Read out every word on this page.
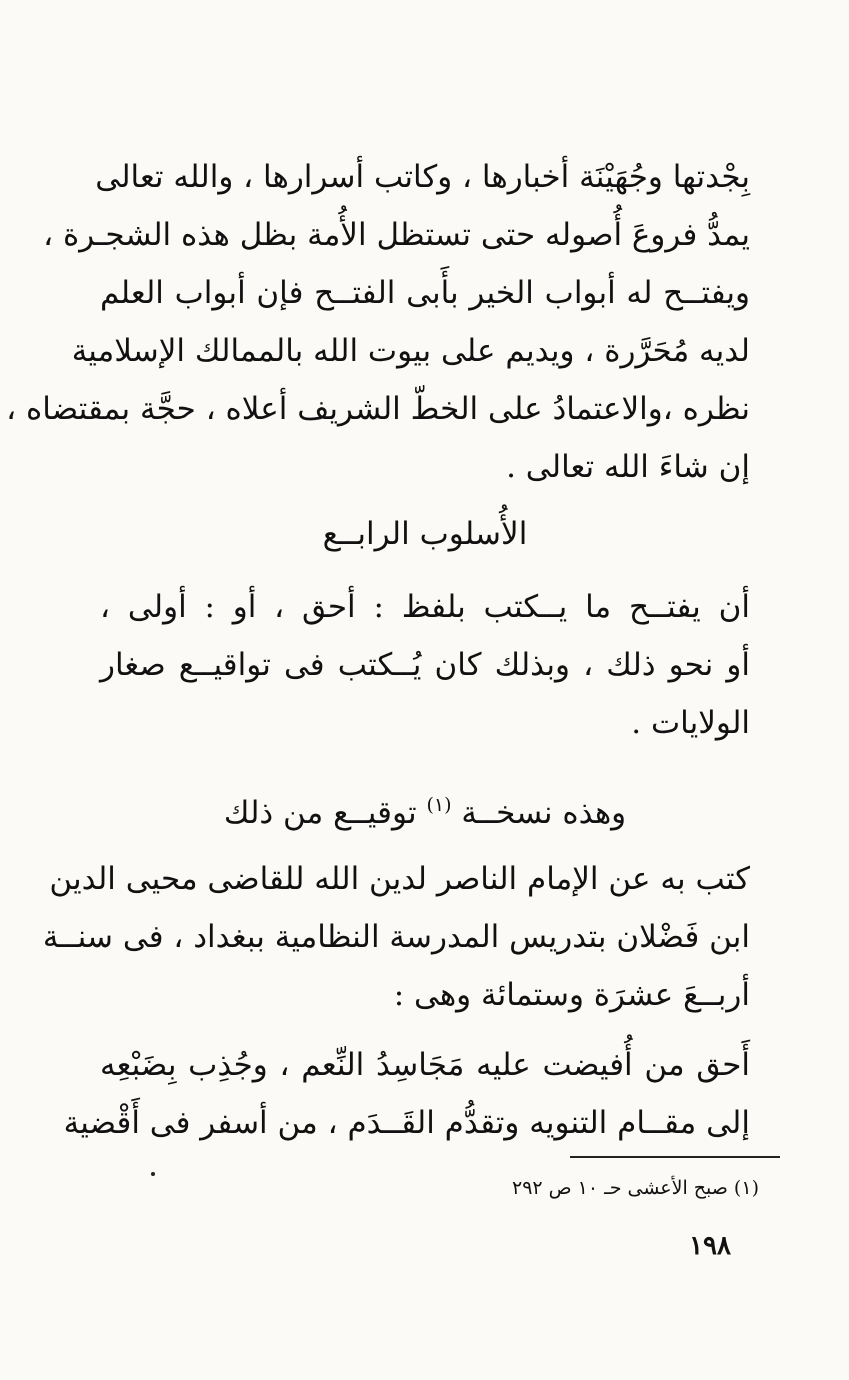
بِجْدتها وجُهَيْنَة أخبارها ، وكاتب أسرارها ، والله تعالى
يمدُّ فروعَ أُصوله حتى تستظل الأُمة بظل هذه الشجـرة ،
ويفتــح له أبواب الخير بأَبى الفتــح فإن أبواب العلم
لديه مُحَرَّرة ، ويديم على بيوت الله بالممالك الإسلامية
نظره ،والاعتمادُ على الخطّ الشريف أعلاه ، حجَّة بمقتضاه ،
إن شاءَ الله تعالى .
الأُسلوب الرابــع
أن يفتــح ما يــكتب بلفظ : أحق ، أو : أولى ،
أو نحو ذلك ، وبذلك كان يُــكتب فى تواقيــع صغار
الولايات .
وهذه نسخــة $^{(١)}$ توقيــع من ذلك
كتب به عن الإمام الناصر لدين الله للقاضى محيى الدين
ابن فَضْلان بتدريس المدرسة النظامية ببغداد ، فى سنــة
أربــعَ عشرَة وستمائة وهى :
أَحق من أُفيضت عليه مَجَاسِدُ النِّعم ، وجُذِب بِضَبْعِه
إلى مقــام التنويه وتقدُّم القَــدَم ، من أسفر فى أَقْضية
(١) صبح الأعشى حـ ١٠ ص ٢٩٢
١٩٨
